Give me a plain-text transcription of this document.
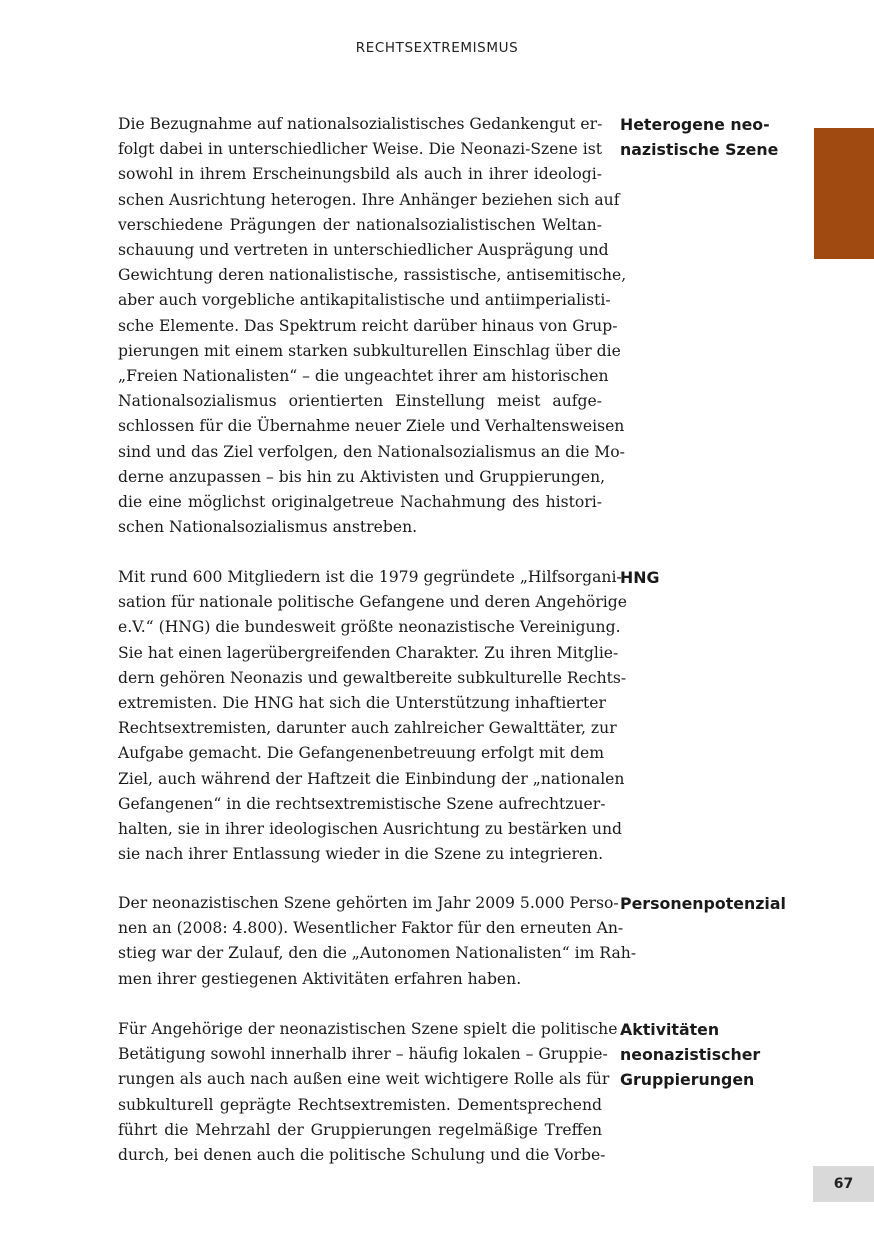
RECHTSEXTREMISMUS

Die Bezugnahme auf nationalsozialistisches Gedankengut er-
folgt dabei in unterschiedlicher Weise. Die Neonazi-Szene ist
sowohl in ihrem Erscheinungsbild als auch in ihrer ideologi-
schen Ausrichtung heterogen. Ihre Anhänger beziehen sich auf
verschiedene Prägungen der nationalsozialistischen Weltan-
schauung und vertreten in unterschiedlicher Ausprägung und
Gewichtung deren nationalistische, rassistische, antisemitische,
aber auch vorgebliche antikapitalistische und antiimperialisti-
sche Elemente. Das Spektrum reicht darüber hinaus von Grup-
pierungen mit einem starken subkulturellen Einschlag über die
„Freien Nationalisten“ – die ungeachtet ihrer am historischen
Nationalsozialismus orientierten Einstellung meist aufge-
schlossen für die Übernahme neuer Ziele und Verhaltensweisen
sind und das Ziel verfolgen, den Nationalsozialismus an die Mo-
derne anzupassen – bis hin zu Aktivisten und Gruppierungen,
die eine möglichst originalgetreue Nachahmung des histori-
schen Nationalsozialismus anstreben.

Heterogene neo-
nazistische Szene

Mit rund 600 Mitgliedern ist die 1979 gegründete „Hilfsorgani-
sation für nationale politische Gefangene und deren Angehörige
e.V.“ (HNG) die bundesweit größte neonazistische Vereinigung.
Sie hat einen lagerübergreifenden Charakter. Zu ihren Mitglie-
dern gehören Neonazis und gewaltbereite subkulturelle Rechts-
extremisten. Die HNG hat sich die Unterstützung inhaftierter
Rechtsextremisten, darunter auch zahlreicher Gewalttäter, zur
Aufgabe gemacht. Die Gefangenenbetreuung erfolgt mit dem
Ziel, auch während der Haftzeit die Einbindung der „nationalen
Gefangenen“ in die rechtsextremistische Szene aufrechtzuer-
halten, sie in ihrer ideologischen Ausrichtung zu bestärken und
sie nach ihrer Entlassung wieder in die Szene zu integrieren.

HNG

Der neonazistischen Szene gehörten im Jahr 2009 5.000 Perso-
nen an (2008: 4.800). Wesentlicher Faktor für den erneuten An-
stieg war der Zulauf, den die „Autonomen Nationalisten“ im Rah-
men ihrer gestiegenen Aktivitäten erfahren haben.

Personenpotenzial

Für Angehörige der neonazistischen Szene spielt die politische
Betätigung sowohl innerhalb ihrer – häufig lokalen – Gruppie-
rungen als auch nach außen eine weit wichtigere Rolle als für
subkulturell geprägte Rechtsextremisten. Dementsprechend
führt die Mehrzahl der Gruppierungen regelmäßige Treffen
durch, bei denen auch die politische Schulung und die Vorbe-

Aktivitäten
neonazistischer
Gruppierungen
67
